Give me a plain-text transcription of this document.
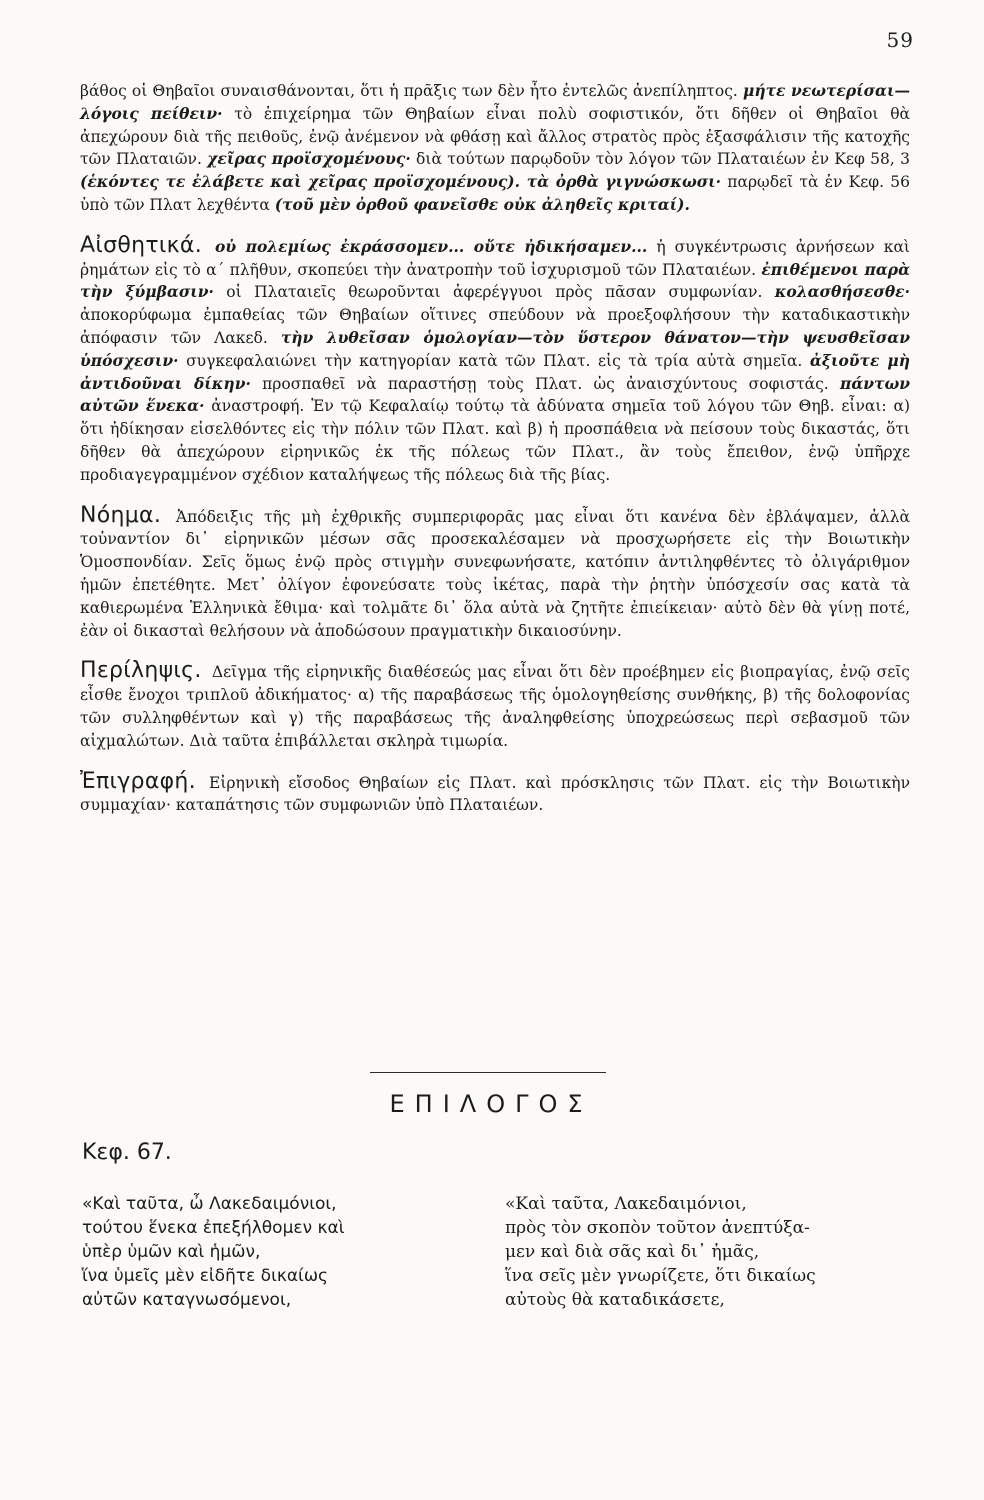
59

βάθος οἱ Θηβαῖοι συναισθάνονται, ὅτι ἡ πρᾶξις των δὲν ἦτο ἐντελῶς ἀνεπίληπτος. μήτε νεωτερίσαι—λόγοις πείθειν· τὸ ἐπιχείρημα τῶν Θηβαίων εἶναι πολὺ σοφιστικόν, ὅτι δῆθεν οἱ Θηβαῖοι θὰ ἀπεχώρουν διὰ τῆς πειθοῦς, ἐνῷ ἀνέμενον νὰ φθάσῃ καὶ ἄλλος στρατὸς πρὸς ἐξασφάλισιν τῆς κατοχῆς τῶν Πλαταιῶν. χεῖρας προϊσχομένους· διὰ τούτων παρῳδοῦν τὸν λόγον τῶν Πλαταιέων ἐν Κεφ 58, 3 (ἑκόντες τε ἐλάβετε καὶ χεῖρας προϊσχομένους). τὰ ὀρθὰ γιγνώσκωσι· παρῳδεῖ τὰ ἐν Κεφ. 56 ὑπὸ τῶν Πλατ λεχθέντα (τοῦ μὲν ὀρθοῦ φανεῖσθε οὐκ ἀληθεῖς κριταί).

Αἰσθητικά. οὐ πολεμίως ἐκράσσομεν... οὔτε ἠδικήσαμεν... ἡ συγκέντρωσις ἀρνήσεων καὶ ῥημάτων εἰς τὸ α΄ πλῆθυν, σκοπεύει τὴν ἀνατροπὴν τοῦ ἰσχυρισμοῦ τῶν Πλαταιέων. ἐπιθέμενοι παρὰ τὴν ξύμβασιν· οἱ Πλαταιεῖς θεωροῦνται ἀφερέγγυοι πρὸς πᾶσαν συμφωνίαν. κολασθήσεσθε· ἀποκορύφωμα ἐμπαθείας τῶν Θηβαίων οἵτινες σπεύδουν νὰ προεξοφλήσουν τὴν καταδικαστικὴν ἀπόφασιν τῶν Λακεδ. τὴν λυθεῖσαν ὁμολογίαν—τὸν ὕστερον θάνατον—τὴν ψευσθεῖσαν ὑπόσχεσιν· συγκεφαλαιώνει τὴν κατηγορίαν κατὰ τῶν Πλατ. εἰς τὰ τρία αὐτὰ σημεῖα. ἀξιοῦτε μὴ ἀντιδοῦναι δίκην· προσπαθεῖ νὰ παραστήσῃ τοὺς Πλατ. ὡς ἀναισχύντους σοφιστάς. πάντων αὐτῶν ἕνεκα· ἀναστροφή. Ἐν τῷ Κεφαλαίῳ τούτῳ τὰ ἀδύνατα σημεῖα τοῦ λόγου τῶν Θηβ. εἶναι: α) ὅτι ἠδίκησαν εἰσελθόντες εἰς τὴν πόλιν τῶν Πλατ. καὶ β) ἡ προσπάθεια νὰ πείσουν τοὺς δικαστάς, ὅτι δῆθεν θὰ ἀπεχώρουν εἰρηνικῶς ἐκ τῆς πόλεως τῶν Πλατ., ἂν τοὺς ἔπειθον, ἐνῷ ὑπῆρχε προδιαγεγραμμένον σχέδιον καταλήψεως τῆς πόλεως διὰ τῆς βίας.

Νόημα. Ἀπόδειξις τῆς μὴ ἐχθρικῆς συμπεριφορᾶς μας εἶναι ὅτι κανένα δὲν ἐβλάψαμεν, ἀλλὰ τοὐναντίον δι᾽ εἰρηνικῶν μέσων σᾶς προσεκαλέσαμεν νὰ προσχωρήσετε εἰς τὴν Βοιωτικὴν Ὁμοσπονδίαν. Σεῖς ὅμως ἐνῷ πρὸς στιγμὴν συνεφωνήσατε, κατόπιν ἀντιληφθέντες τὸ ὀλιγάριθμον ἡμῶν ἐπετέθητε. Μετ᾽ ὀλίγον ἐφονεύσατε τοὺς ἱκέτας, παρὰ τὴν ῥητὴν ὑπόσχεσίν σας κατὰ τὰ καθιερωμένα Ἑλληνικὰ ἔθιμα· καὶ τολμᾶτε δι᾽ ὅλα αὐτὰ νὰ ζητῆτε ἐπιείκειαν· αὐτὸ δὲν θὰ γίνῃ ποτέ, ἐὰν οἱ δικασταὶ θελήσουν νὰ ἀποδώσουν πραγματικὴν δικαιοσύνην.

Περίληψις. Δεῖγμα τῆς εἰρηνικῆς διαθέσεώς μας εἶναι ὅτι δὲν προέβημεν εἰς βιοπραγίας, ἐνῷ σεῖς εἶσθε ἔνοχοι τριπλοῦ ἀδικήματος· α) τῆς παραβάσεως τῆς ὁμολογηθείσης συνθήκης, β) τῆς δολοφονίας τῶν συλληφθέντων καὶ γ) τῆς παραβάσεως τῆς ἀναληφθείσης ὑποχρεώσεως περὶ σεβασμοῦ τῶν αἰχμαλώτων. Διὰ ταῦτα ἐπιβάλλεται σκληρὰ τιμωρία.

Ἐπιγραφή. Εἰρηνικὴ εἴσοδος Θηβαίων εἰς Πλατ. καὶ πρόσκλησις τῶν Πλατ. εἰς τὴν Βοιωτικὴν συμμαχίαν· καταπάτησις τῶν συμφωνιῶν ὑπὸ Πλαταιέων.

ΕΠΙΛΟΓΟΣ
Κεφ. 67.
«Καὶ ταῦτα, ὦ Λακεδαιμόνιοι,
τούτου ἕνεκα ἐπεξήλθομεν καὶ
ὑπὲρ ὑμῶν καὶ ἡμῶν,
ἵνα ὑμεῖς μὲν εἰδῆτε δικαίως
αὐτῶν καταγνωσόμενοι,
«Καὶ ταῦτα, Λακεδαιμόνιοι,
πρὸς τὸν σκοπὸν τοῦτον ἀνεπτύξα-
μεν καὶ διὰ σᾶς καὶ δι᾽ ἡμᾶς,
ἵνα σεῖς μὲν γνωρίζετε, ὅτι δικαίως
αὐτοὺς θὰ καταδικάσετε,
